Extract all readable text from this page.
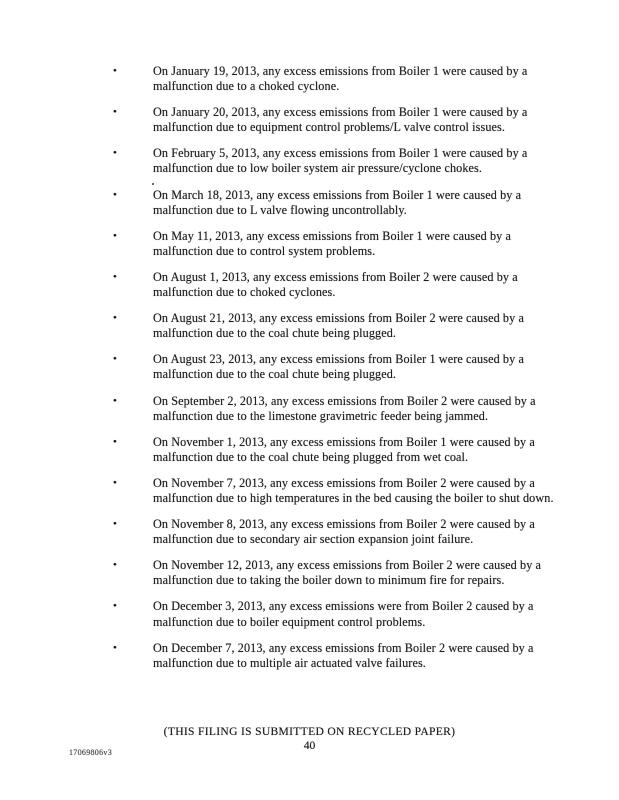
•	On January 19, 2013, any excess emissions from Boiler 1 were caused by a
malfunction due to a choked cyclone.
•	On January 20, 2013, any excess emissions from Boiler 1 were caused by a
malfunction due to equipment control problems/L valve control issues.
•	On February 5, 2013, any excess emissions from Boiler 1 were caused by a
malfunction due to low boiler system air pressure/cyclone chokes.
•	On March 18, 2013, any excess emissions from Boiler 1 were caused by a
malfunction due to L valve flowing uncontrollably.
•	On May 11, 2013, any excess emissions from Boiler 1 were caused by a
malfunction due to control system problems.
•	On August 1, 2013, any excess emissions from Boiler 2 were caused by a
malfunction due to choked cyclones.
•	On August 21, 2013, any excess emissions from Boiler 2 were caused by a
malfunction due to the coal chute being plugged.
•	On August 23, 2013, any excess emissions from Boiler 1 were caused by a
malfunction due to the coal chute being plugged.
•	On September 2, 2013, any excess emissions from Boiler 2 were caused by a
malfunction due to the limestone gravimetric feeder being jammed.
•	On November 1, 2013, any excess emissions from Boiler 1 were caused by a
malfunction due to the coal chute being plugged from wet coal.
•	On November 7, 2013, any excess emissions from Boiler 2 were caused by a
malfunction due to high temperatures in the bed causing the boiler to shut down.
•	On November 8, 2013, any excess emissions from Boiler 2 were caused by a
malfunction due to secondary air section expansion joint failure.
•	On November 12, 2013, any excess emissions from Boiler 2 were caused by a
malfunction due to taking the boiler down to minimum fire for repairs.
•	On December 3, 2013, any excess emissions were from Boiler 2 caused by a
malfunction due to boiler equipment control problems.
•	On December 7, 2013, any excess emissions from Boiler 2 were caused by a
malfunction due to multiple air actuated valve failures.
(THIS FILING IS SUBMITTED ON RECYCLED PAPER)
40
17069806v3
